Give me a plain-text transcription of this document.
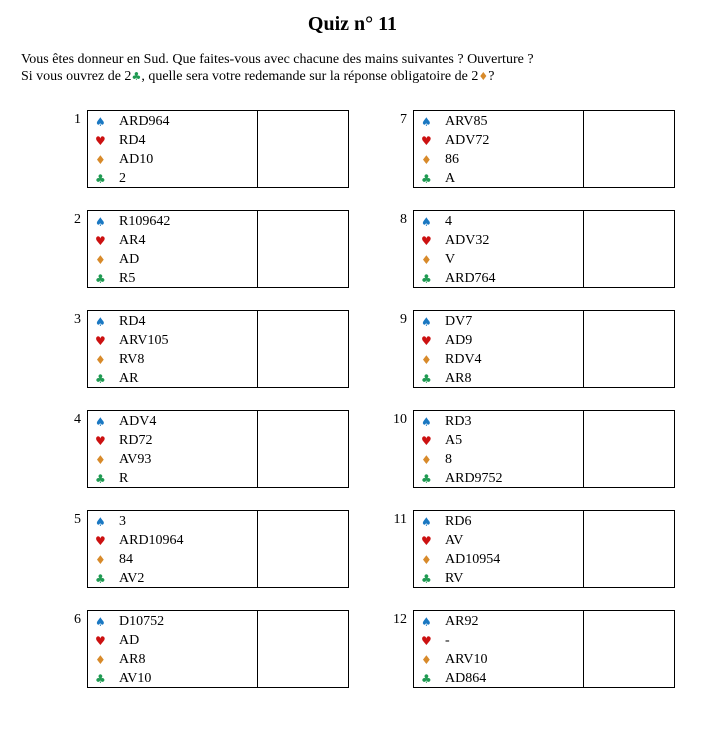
Quiz n° 11
Vous êtes donneur en Sud. Que faites-vous avec chacune des mains suivantes ? Ouverture ?
Si vous ouvrez de 2♣, quelle sera votre redemande sur la réponse obligatoire de 2♦?
1 ♠ ARD964
♥ RD4
♦ AD10
♣ 2
2 ♠ R109642
♥ AR4
♦ AD
♣ R5
3 ♠ RD4
♥ ARV105
♦ RV8
♣ AR
4 ♠ ADV4
♥ RD72
♦ AV93
♣ R
5 ♠ 3
♥ ARD10964
♦ 84
♣ AV2
6 ♠ D10752
♥ AD
♦ AR8
♣ AV10
7 ♠ ARV85
♥ ADV72
♦ 86
♣ A
8 ♠ 4
♥ ADV32
♦ V
♣ ARD764
9 ♠ DV7
♥ AD9
♦ RDV4
♣ AR8
10 ♠ RD3
♥ A5
♦ 8
♣ ARD9752
11 ♠ RD6
♥ AV
♦ AD10954
♣ RV
12 ♠ AR92
♥ -
♦ ARV10
♣ AD864
